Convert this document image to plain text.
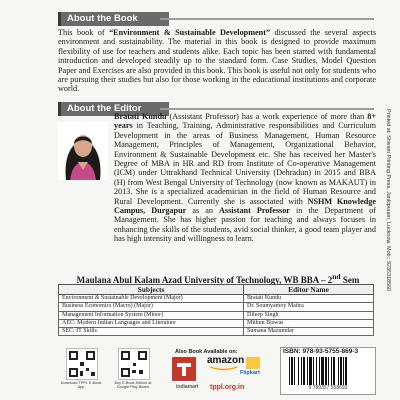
About the Book

This book of “Environment & Sustainable Development” discussed the several aspects environment and sustainability. The material in this book is designed to provide maximum flexibility of use for teachers and students alike. Each topic has been started with fundamental introduction and developed steadily up to the standard form. Case Studies, Model Question Paper and Exercises are also provided in this book. This book is useful not only for students who are pursuing their studies but also for those working in the educational institutions and corporate world.

About the Editor

Bratati Kundu (Assistant Professor) has a work experience of more than 8+ years in Teaching, Training, Administrative responsibilities and Curriculum Development in the areas of Business Management, Human Resource Management, Principles of Management, Organizational Behavior, Environment & Sustainable Development etc. She has received her Master's Degree of MBA in HR and RD from Institute of Co-operative Management (ICM) under Uttrakhand Technical University (Dehradun) in 2015 and BBA (H) from West Bengal University of Technology (now known as MAKAUT) in 2013. She is a specialized academician in the field of Human Resource and Rural Development. Currently she is associated with NSHM Knowledge Campus, Durgapur as an Assistant Professor in the Department of Management. She has higher passion for teaching and always focuses in enhancing the skills of the students, avid social thinker, a good team player and has high intensity and willingness to learn.

Maulana Abul Kalam Azad University of Technology, WB BBA – 2nd Sem

Subjects	Editor Name
Environment & Sustainable Development (Major)	Bratati Kundu
Business Economics (Macro) (Major)	Dr. Soumyamoy Maitra
Management Information System (Minor)	Dileep Singh
AEC: Modern Indian Languages and Literature	Mithun Biswas
SEC: IT Skills	Sumana Mazumdar
Download TPPL E-Book App
Buy E-Book Edition at Google Play Books
Also Book Available on:
amazon
Flipkart
indiamart tppl.org.in
ISBN: 978-93-5755-869-3
9 789357 558693
Printed at: Shivam Printing Press, Jankipuram, Lucknow. Mob.: 9235318560
